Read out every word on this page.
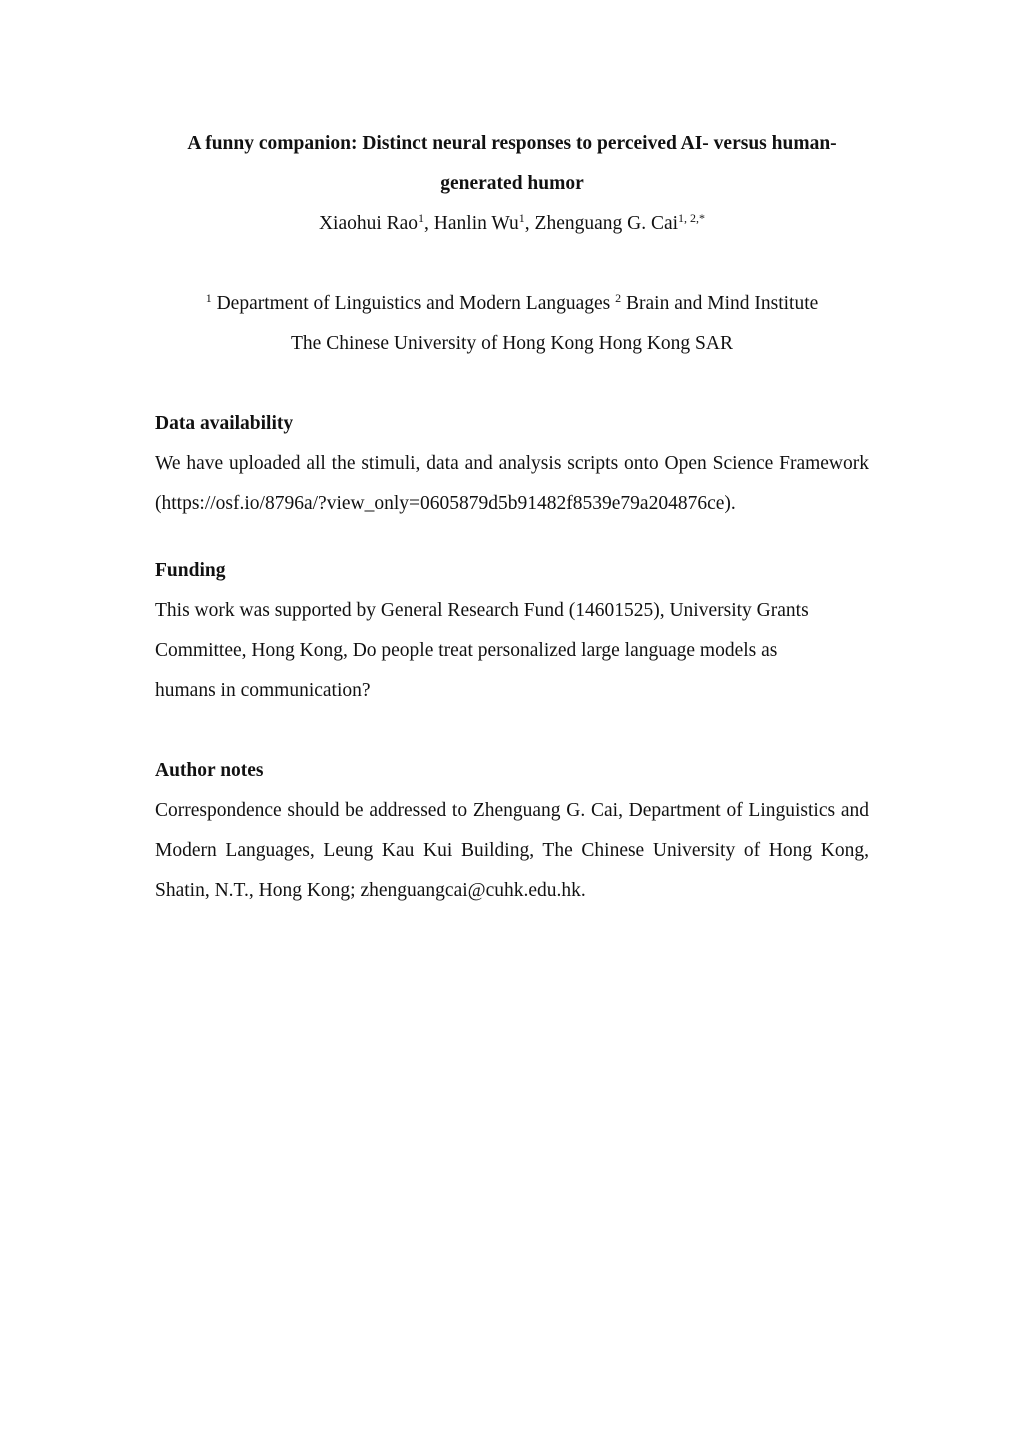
A funny companion: Distinct neural responses to perceived AI- versus human-
generated humor

Xiaohui Rao$^1$, Hanlin Wu$^1$, Zhenguang G. Cai$^{1, 2,*}$

$^1$ Department of Linguistics and Modern Languages $^2$ Brain and Mind Institute

The Chinese University of Hong Kong Hong Kong SAR

Data availability

We have uploaded all the stimuli, data and analysis scripts onto Open Science Framework (https://osf.io/8796a/?view_only=0605879d5b91482f8539e79a204876ce).

Funding

This work was supported by General Research Fund (14601525), University Grants
Committee, Hong Kong, Do people treat personalized large language models as
humans in communication?

Author notes

Correspondence should be addressed to Zhenguang G. Cai, Department of Linguistics and Modern Languages, Leung Kau Kui Building, The Chinese University of Hong Kong, Shatin, N.T., Hong Kong; zhenguangcai@cuhk.edu.hk.
